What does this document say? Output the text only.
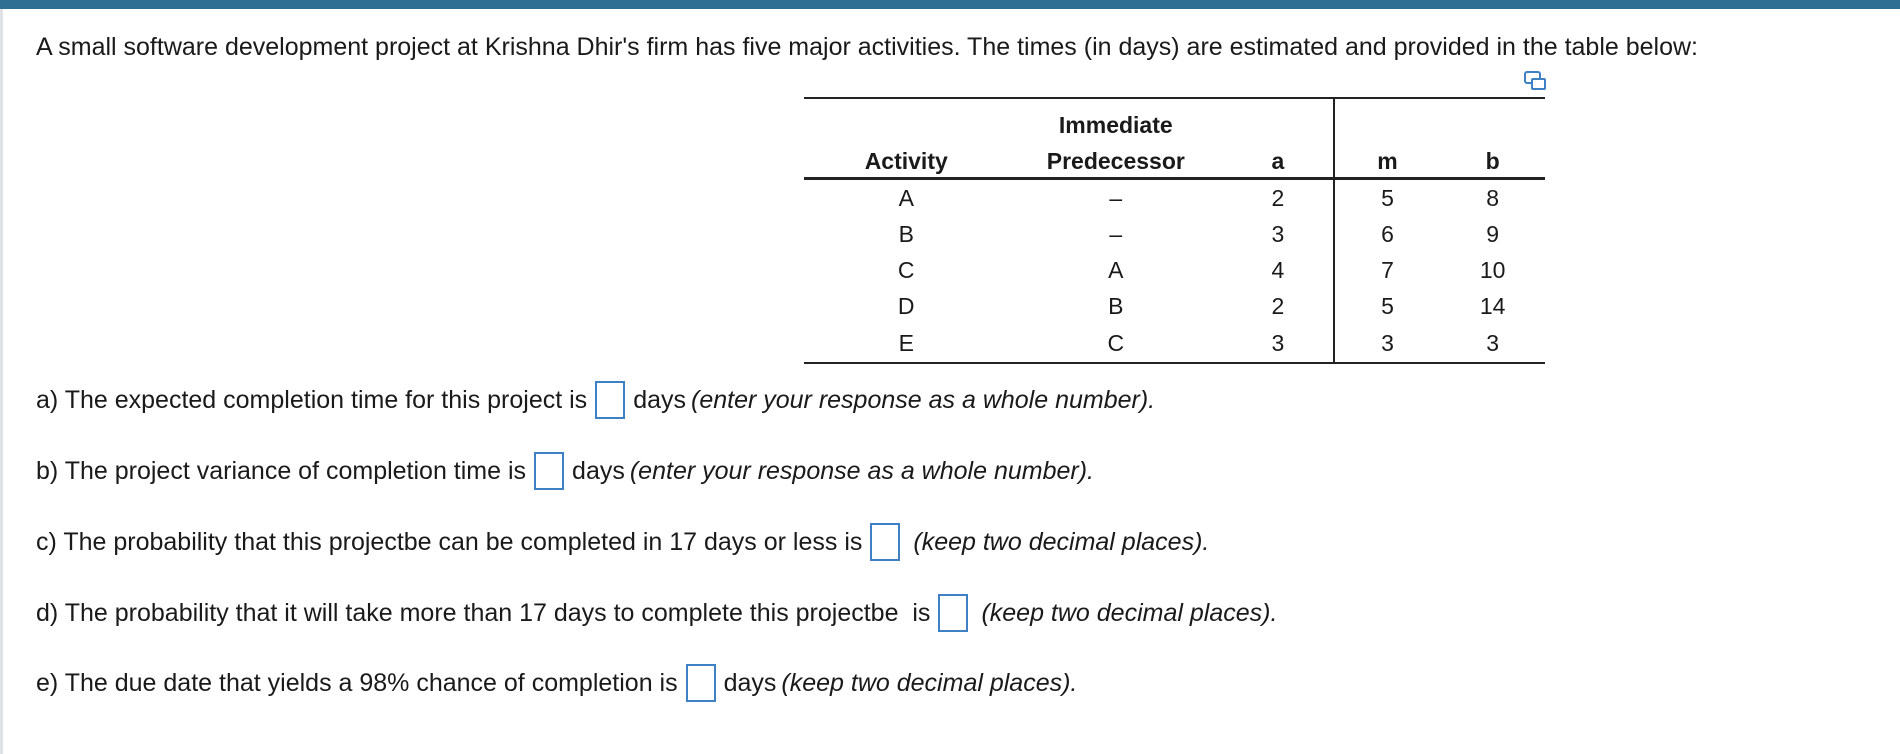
A small software development project at Krishna Dhir's firm has five major activities. The times (in days) are estimated and provided in the table below:
	Immediate			
Activity	Predecessor	a	m	b
A	–	2	5	8
B	–	3	6	9
C	A	4	7	10
D	B	2	5	14
E	C	3	3	3
a) The expected completion time for this project is days (enter your response as a whole number).
b) The project variance of completion time is days (enter your response as a whole number).
c) The probability that this projectbe can be completed in 17 days or less is (keep two decimal places).
d) The probability that it will take more than 17 days to complete this projectbe  is (keep two decimal places).
e) The due date that yields a 98% chance of completion is days (keep two decimal places).
